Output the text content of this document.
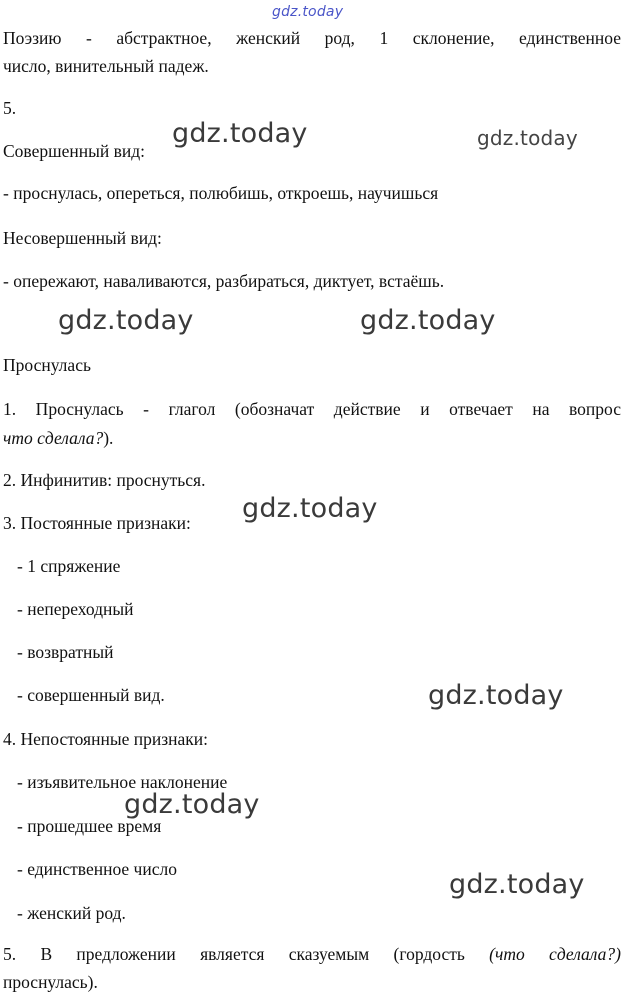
gdz.today
Поэзию - абстрактное, женский род, 1 склонение, единственное
число, винительный падеж.
5.
Совершенный вид:
- проснулась, опереться, полюбишь, откроешь, научишься
Несовершенный вид:
- опережают, наваливаются, разбираться, диктует, встаёшь.
Проснулась
1. Проснулась - глагол (обозначат действие и отвечает на вопрос
что сделала?).
2. Инфинитив: проснуться.
3. Постоянные признаки:
- 1 спряжение
- непереходный
- возвратный
- совершенный вид.
4. Непостоянные признаки:
- изъявительное наклонение
- прошедшее время
- единственное число
- женский род.
5. В предложении является сказуемым (гордость (что сделала?)
проснулась).
gdz.today	gdz.today
gdz.today	gdz.today
gdz.today
gdz.today
gdz.today
gdz.today
